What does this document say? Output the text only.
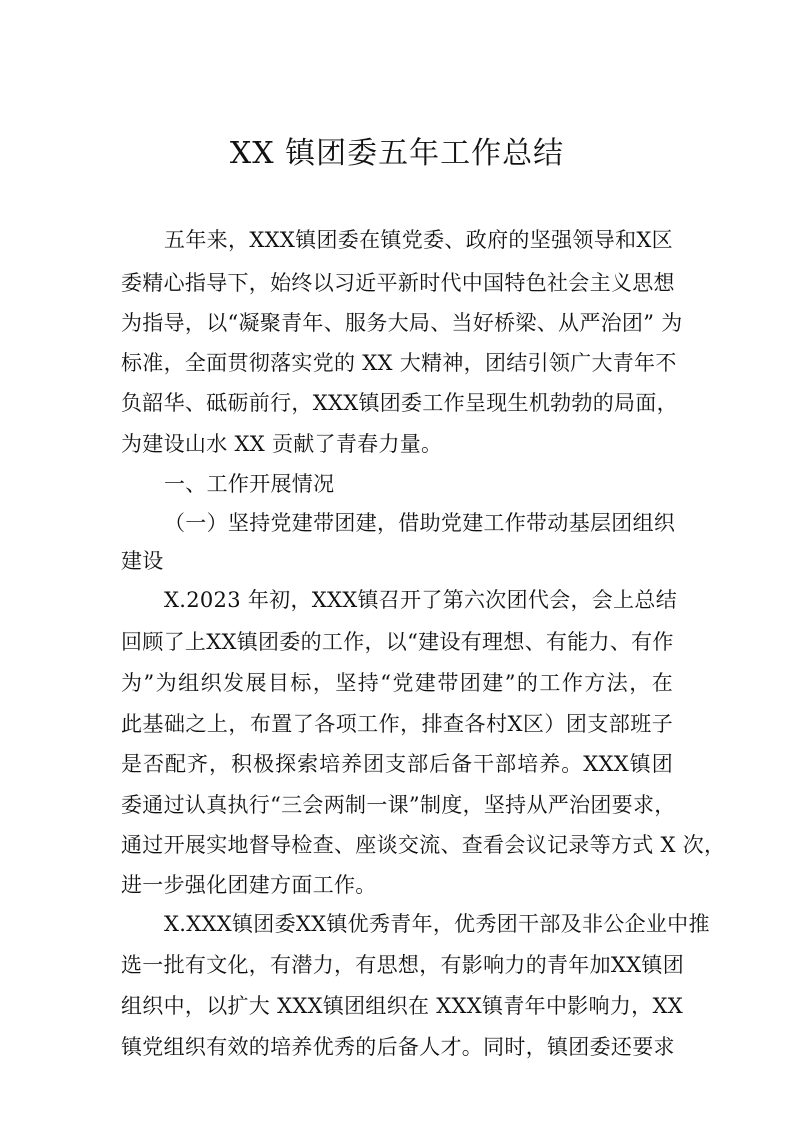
XX 镇团委五年工作总结
五年来，XXX镇团委在镇党委、政府的坚强领导和X区
委精心指导下，始终以习近平新时代中国特色社会主义思想
为指导，以“凝聚青年、服务大局、当好桥梁、从严治团” 为
标准，全面贯彻落实党的 XX 大精神，团结引领广大青年不
负韶华、砥砺前行，XXX镇团委工作呈现生机勃勃的局面，
为建设山水 XX 贡献了青春力量。
一、工作开展情况
（一）坚持党建带团建，借助党建工作带动基层团组织
建设
X.2023 年初，XXX镇召开了第六次团代会，会上总结
回顾了上XX镇团委的工作，以“建设有理想、有能力、有作
为”为组织发展目标，坚持“党建带团建”的工作方法，在
此基础之上，布置了各项工作，排查各村X区）团支部班子
是否配齐，积极探索培养团支部后备干部培养。XXX镇团
委通过认真执行“三会两制一课”制度，坚持从严治团要求，
通过开展实地督导检查、座谈交流、查看会议记录等方式 X 次，
进一步强化团建方面工作。
X.XXX镇团委XX镇优秀青年，优秀团干部及非公企业中推
选一批有文化，有潜力，有思想，有影响力的青年加XX镇团
组织中，以扩大 XXX镇团组织在 XXX镇青年中影响力，XX
镇党组织有效的培养优秀的后备人才。同时，镇团委还要求
